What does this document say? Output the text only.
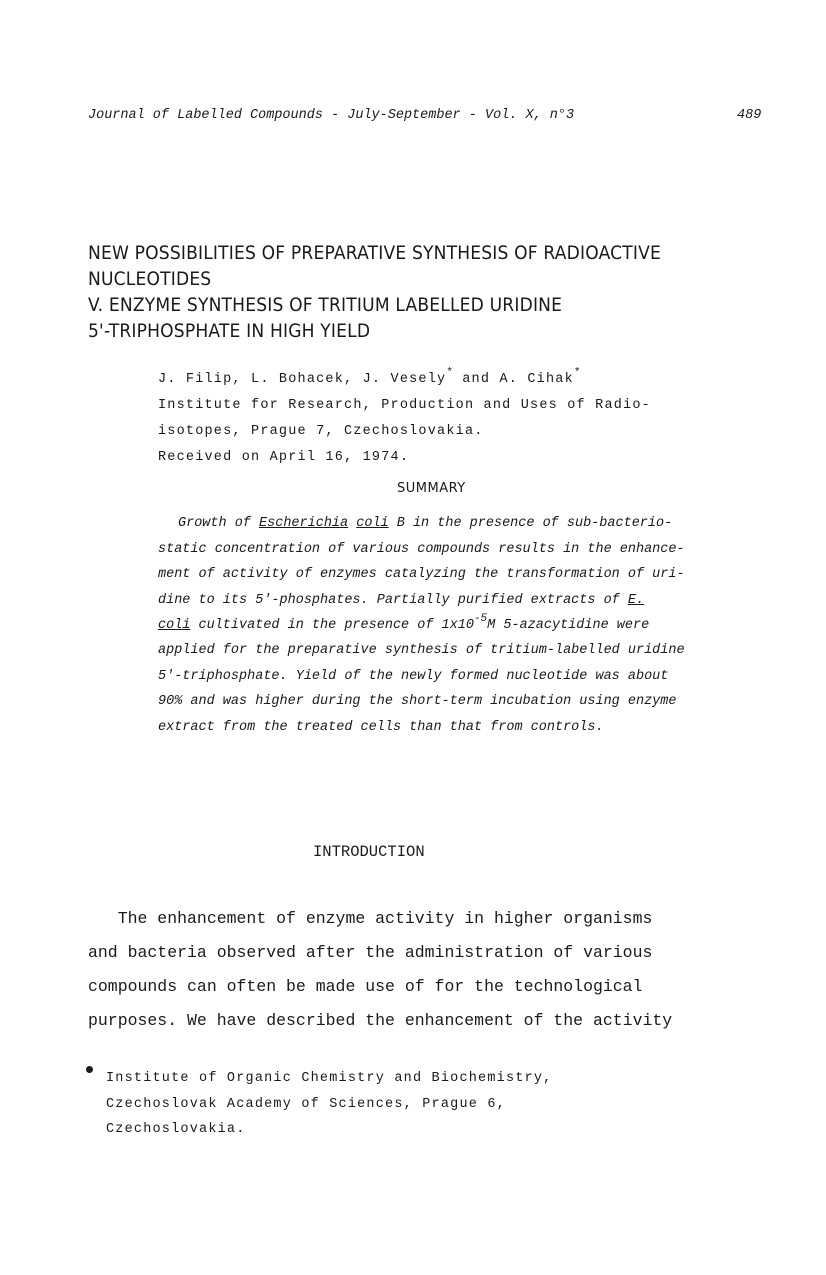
Journal of Labelled Compounds - July-September - Vol. X, n°3	489
NEW POSSIBILITIES OF PREPARATIVE SYNTHESIS OF RADIOACTIVE
NUCLEOTIDES
V. ENZYME SYNTHESIS OF TRITIUM LABELLED URIDINE
5'-TRIPHOSPHATE IN HIGH YIELD
J. Filip, L. Bohacek, J. Vesely* and A. Cihak*
Institute for Research, Production and Uses of Radio-
isotopes, Prague 7, Czechoslovakia.
Received on April 16, 1974.
SUMMARY
Growth of Escherichia coli B in the presence of sub-bacterio-
static concentration of various compounds results in the enhance-
ment of activity of enzymes catalyzing the transformation of uri-
dine to its 5'-phosphates. Partially purified extracts of E.
coli cultivated in the presence of $1x10^{-5}M$ 5-azacytidine were
applied for the preparative synthesis of tritium-labelled uridine
5'-triphosphate. Yield of the newly formed nucleotide was about
90% and was higher during the short-term incubation using enzyme
extract from the treated cells than that from controls.
INTRODUCTION
The enhancement of enzyme activity in higher organisms
and bacteria observed after the administration of various
compounds can often be made use of for the technological
purposes. We have described the enhancement of the activity
Institute of Organic Chemistry and Biochemistry,
Czechoslovak Academy of Sciences, Prague 6,
Czechoslovakia.
